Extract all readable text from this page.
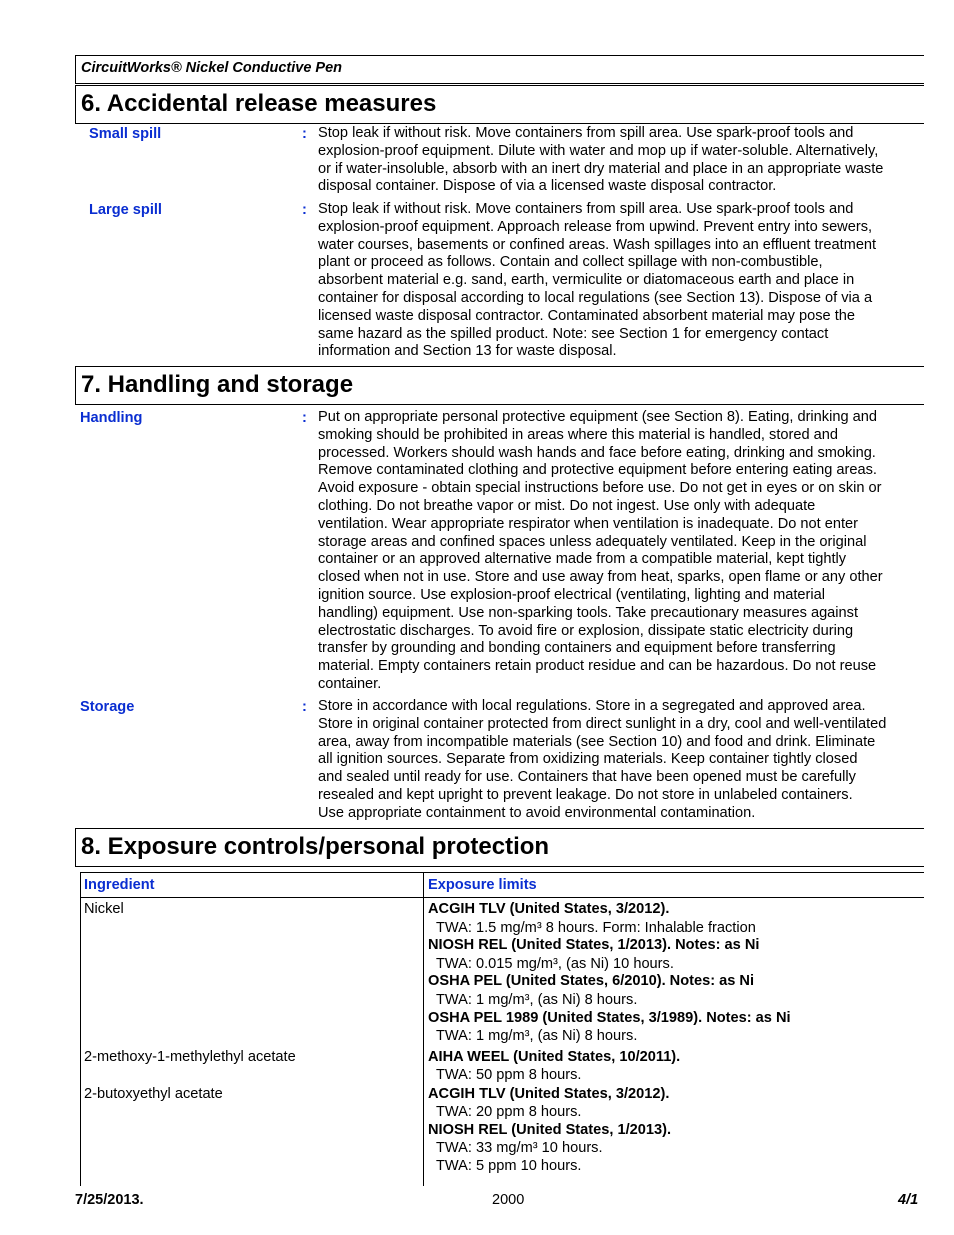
CircuitWorks® Nickel Conductive Pen
6. Accidental release measures
Small spill	: Stop leak if without risk. Move containers from spill area. Use spark-proof tools and
explosion-proof equipment. Dilute with water and mop up if water-soluble. Alternatively,
or if water-insoluble, absorb with an inert dry material and place in an appropriate waste
disposal container. Dispose of via a licensed waste disposal contractor.
Large spill	: Stop leak if without risk. Move containers from spill area. Use spark-proof tools and
explosion-proof equipment. Approach release from upwind. Prevent entry into sewers,
water courses, basements or confined areas. Wash spillages into an effluent treatment
plant or proceed as follows. Contain and collect spillage with non-combustible,
absorbent material e.g. sand, earth, vermiculite or diatomaceous earth and place in
container for disposal according to local regulations (see Section 13). Dispose of via a
licensed waste disposal contractor. Contaminated absorbent material may pose the
same hazard as the spilled product. Note: see Section 1 for emergency contact
information and Section 13 for waste disposal.
7. Handling and storage
Handling	: Put on appropriate personal protective equipment (see Section 8). Eating, drinking and
smoking should be prohibited in areas where this material is handled, stored and
processed. Workers should wash hands and face before eating, drinking and smoking.
Remove contaminated clothing and protective equipment before entering eating areas.
Avoid exposure - obtain special instructions before use. Do not get in eyes or on skin or
clothing. Do not breathe vapor or mist. Do not ingest. Use only with adequate
ventilation. Wear appropriate respirator when ventilation is inadequate. Do not enter
storage areas and confined spaces unless adequately ventilated. Keep in the original
container or an approved alternative made from a compatible material, kept tightly
closed when not in use. Store and use away from heat, sparks, open flame or any other
ignition source. Use explosion-proof electrical (ventilating, lighting and material
handling) equipment. Use non-sparking tools. Take precautionary measures against
electrostatic discharges. To avoid fire or explosion, dissipate static electricity during
transfer by grounding and bonding containers and equipment before transferring
material. Empty containers retain product residue and can be hazardous. Do not reuse
container.
Storage	: Store in accordance with local regulations. Store in a segregated and approved area.
Store in original container protected from direct sunlight in a dry, cool and well-ventilated
area, away from incompatible materials (see Section 10) and food and drink. Eliminate
all ignition sources. Separate from oxidizing materials. Keep container tightly closed
and sealed until ready for use. Containers that have been opened must be carefully
resealed and kept upright to prevent leakage. Do not store in unlabeled containers.
Use appropriate containment to avoid environmental contamination.
8. Exposure controls/personal protection
Ingredient	Exposure limits
Nickel	ACGIH TLV (United States, 3/2012).
TWA: 1.5 mg/m³ 8 hours. Form: Inhalable fraction
NIOSH REL (United States, 1/2013). Notes: as Ni
TWA: 0.015 mg/m³, (as Ni) 10 hours.
OSHA PEL (United States, 6/2010). Notes: as Ni
TWA: 1 mg/m³, (as Ni) 8 hours.
OSHA PEL 1989 (United States, 3/1989). Notes: as Ni
TWA: 1 mg/m³, (as Ni) 8 hours.
2-methoxy-1-methylethyl acetate	AIHA WEEL (United States, 10/2011).
TWA: 50 ppm 8 hours.
2-butoxyethyl acetate	ACGIH TLV (United States, 3/2012).
TWA: 20 ppm 8 hours.
NIOSH REL (United States, 1/2013).
TWA: 33 mg/m³ 10 hours.
TWA: 5 ppm 10 hours.
7/25/2013.	2000	4/1
